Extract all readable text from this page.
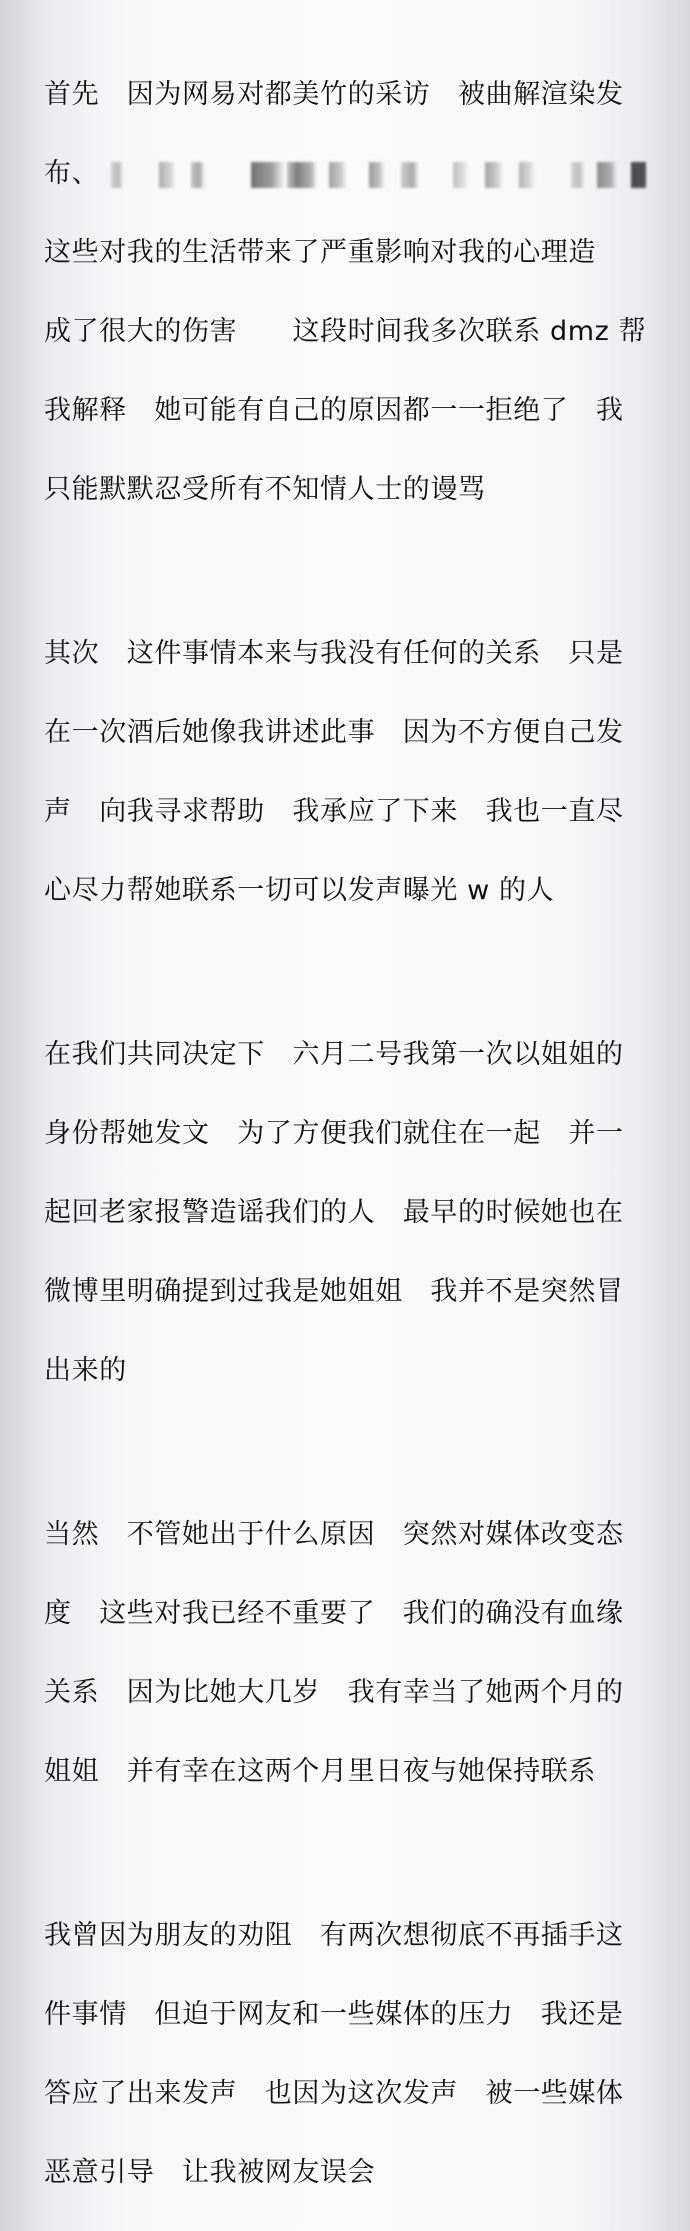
首先　因为网易对都美竹的采访　被曲解渲染发

布、

这些对我的生活带来了严重影响对我的心理造

成了很大的伤害　　这段时间我多次联系 dmz 帮

我解释　她可能有自己的原因都一一拒绝了　我

只能默默忍受所有不知情人士的谩骂

其次　这件事情本来与我没有任何的关系　只是

在一次酒后她像我讲述此事　因为不方便自己发

声　向我寻求帮助　我承应了下来　我也一直尽

心尽力帮她联系一切可以发声曝光 w 的人

在我们共同决定下　六月二号我第一次以姐姐的

身份帮她发文　为了方便我们就住在一起　并一

起回老家报警造谣我们的人　最早的时候她也在

微博里明确提到过我是她姐姐　我并不是突然冒

出来的

当然　不管她出于什么原因　突然对媒体改变态

度　这些对我已经不重要了　我们的确没有血缘

关系　因为比她大几岁　我有幸当了她两个月的

姐姐　并有幸在这两个月里日夜与她保持联系

我曾因为朋友的劝阻　有两次想彻底不再插手这

件事情　但迫于网友和一些媒体的压力　我还是

答应了出来发声　也因为这次发声　被一些媒体

恶意引导　让我被网友误会
